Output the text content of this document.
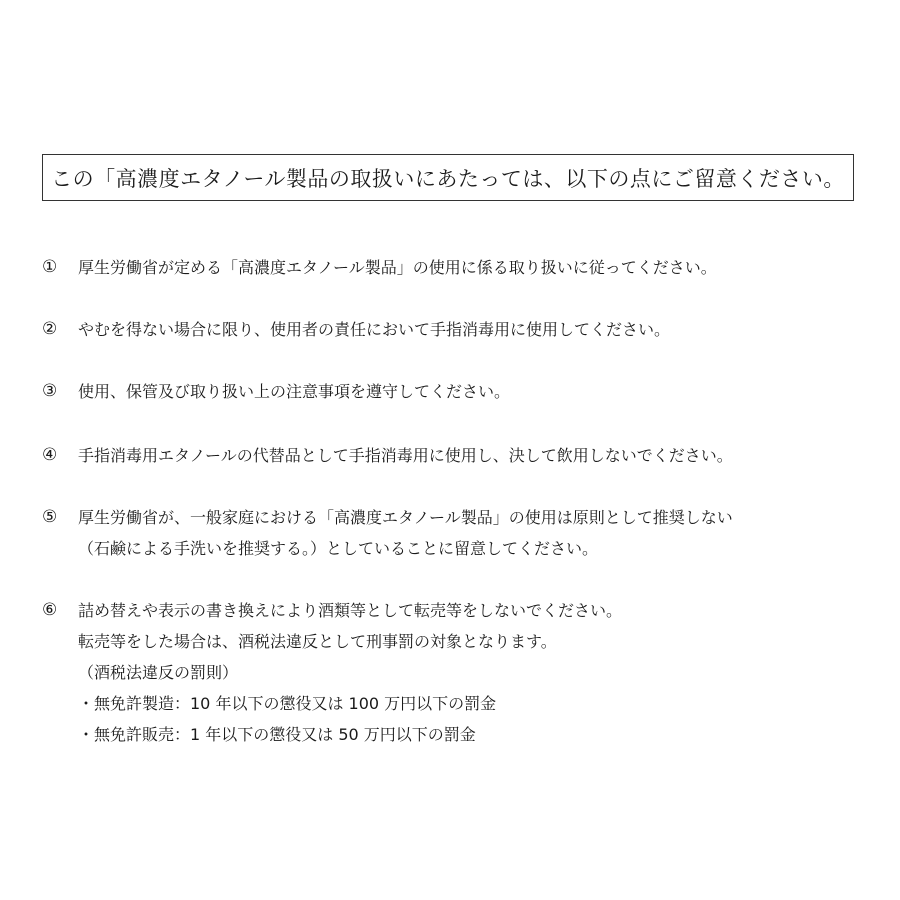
この「高濃度エタノール製品の取扱いにあたっては、以下の点にご留意ください。
①	厚生労働省が定める「高濃度エタノール製品」の使用に係る取り扱いに従ってください。
②	やむを得ない場合に限り、使用者の責任において手指消毒用に使用してください。
③	使用、保管及び取り扱い上の注意事項を遵守してください。
④	手指消毒用エタノールの代替品として手指消毒用に使用し、決して飲用しないでください。
⑤	厚生労働省が、一般家庭における「高濃度エタノール製品」の使用は原則として推奨しない
（石鹸による手洗いを推奨する。）としていることに留意してください。
⑥	詰め替えや表示の書き換えにより酒類等として転売等をしないでください。
転売等をした場合は、酒税法違反として刑事罰の対象となります。
（酒税法違反の罰則）
・無免許製造：10 年以下の懲役又は 100 万円以下の罰金
・無免許販売：1 年以下の懲役又は 50 万円以下の罰金
